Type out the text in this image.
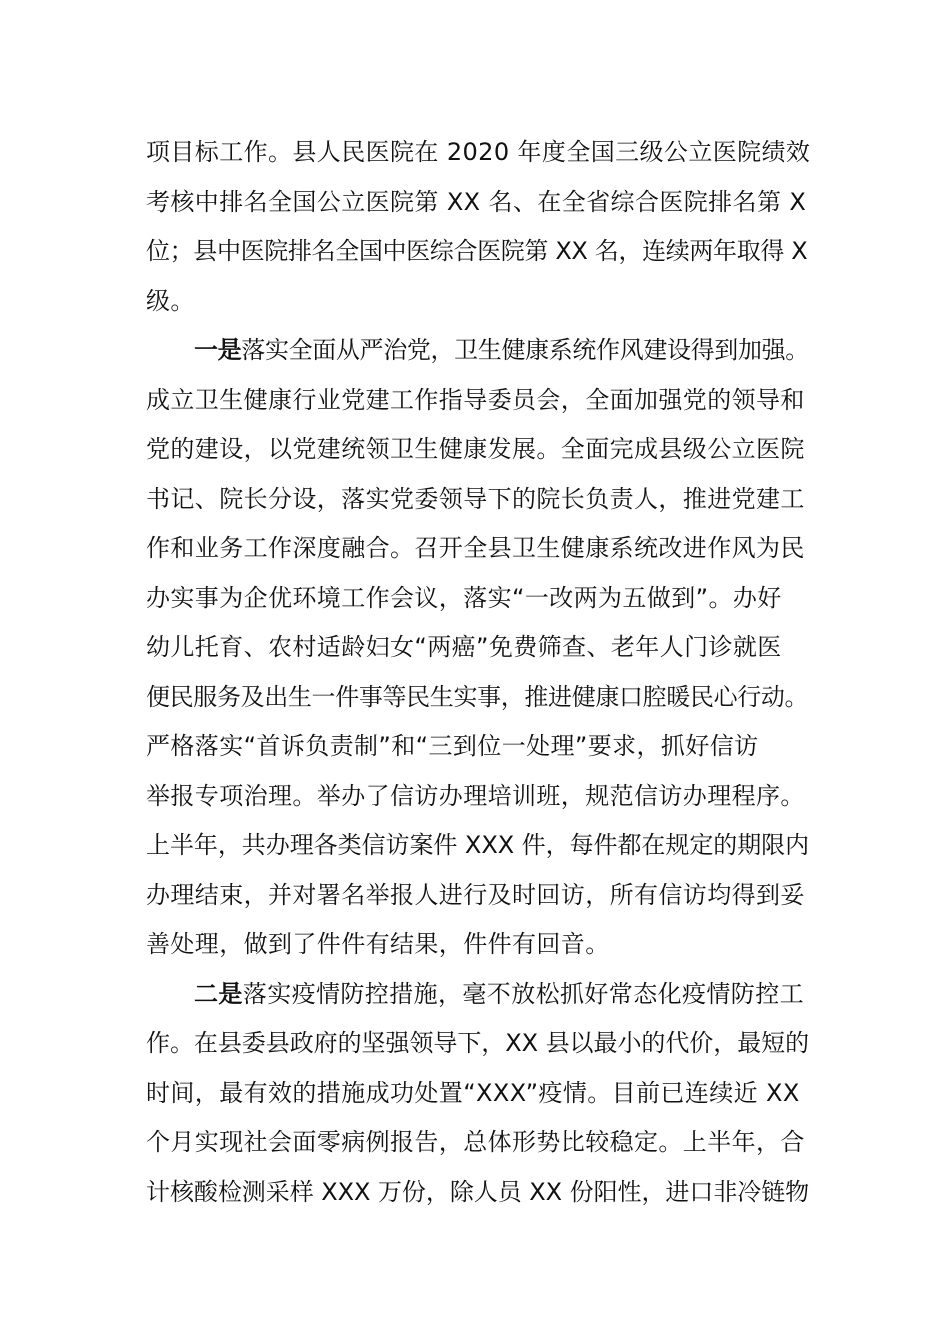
项目标工作。县人民医院在 2020 年度全国三级公立医院绩效
考核中排名全国公立医院第 XX 名、在全省综合医院排名第 X
位；县中医院排名全国中医综合医院第 XX 名，连续两年取得 X
级。
一是落实全面从严治党，卫生健康系统作风建设得到加强。
成立卫生健康行业党建工作指导委员会，全面加强党的领导和
党的建设，以党建统领卫生健康发展。全面完成县级公立医院
书记、院长分设，落实党委领导下的院长负责人，推进党建工
作和业务工作深度融合。召开全县卫生健康系统改进作风为民
办实事为企优环境工作会议，落实“一改两为五做到”。办好
幼儿托育、农村适龄妇女“两癌”免费筛查、老年人门诊就医
便民服务及出生一件事等民生实事，推进健康口腔暖民心行动。
严格落实“首诉负责制”和“三到位一处理”要求，抓好信访
举报专项治理。举办了信访办理培训班，规范信访办理程序。
上半年，共办理各类信访案件 XXX 件，每件都在规定的期限内
办理结束，并对署名举报人进行及时回访，所有信访均得到妥
善处理，做到了件件有结果，件件有回音。
二是落实疫情防控措施，毫不放松抓好常态化疫情防控工
作。在县委县政府的坚强领导下，XX 县以最小的代价，最短的
时间，最有效的措施成功处置“XXX”疫情。目前已连续近 XX
个月实现社会面零病例报告，总体形势比较稳定。上半年，合
计核酸检测采样 XXX 万份，除人员 XX 份阳性，进口非冷链物
